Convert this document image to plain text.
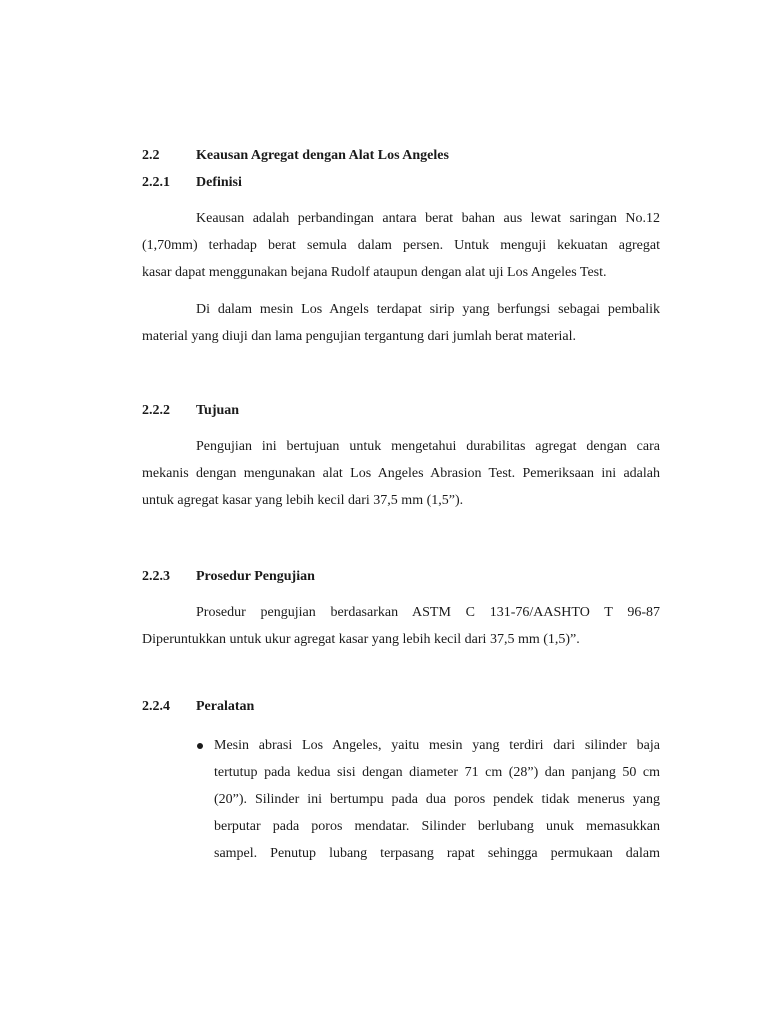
2.2	Keausan Agregat dengan Alat Los Angeles
2.2.1 Definisi
Keausan adalah perbandingan antara berat bahan aus lewat saringan No.12
(1,70mm) terhadap berat semula dalam persen. Untuk menguji kekuatan agregat
kasar dapat menggunakan bejana Rudolf ataupun dengan alat uji Los Angeles Test.
Di dalam mesin Los Angels terdapat sirip yang berfungsi sebagai pembalik
material yang diuji dan lama pengujian tergantung dari jumlah berat material.
2.2.2 Tujuan
Pengujian ini bertujuan untuk mengetahui durabilitas agregat dengan cara
mekanis dengan mengunakan alat Los Angeles Abrasion Test. Pemeriksaan ini adalah
untuk agregat kasar yang lebih kecil dari 37,5 mm (1,5”).
2.2.3 Prosedur Pengujian
Prosedur pengujian berdasarkan ASTM C 131-76/AASHTO T 96-87
Diperuntukkan untuk ukur agregat kasar yang lebih kecil dari 37,5 mm (1,5)”.
2.2.4 Peralatan
Mesin abrasi Los Angeles, yaitu mesin yang terdiri dari silinder baja
tertutup pada kedua sisi dengan diameter 71 cm (28”) dan panjang 50 cm
(20”). Silinder ini bertumpu pada dua poros pendek tidak menerus yang
berputar pada poros mendatar. Silinder berlubang unuk memasukkan
sampel. Penutup lubang terpasang rapat sehingga permukaan dalam
